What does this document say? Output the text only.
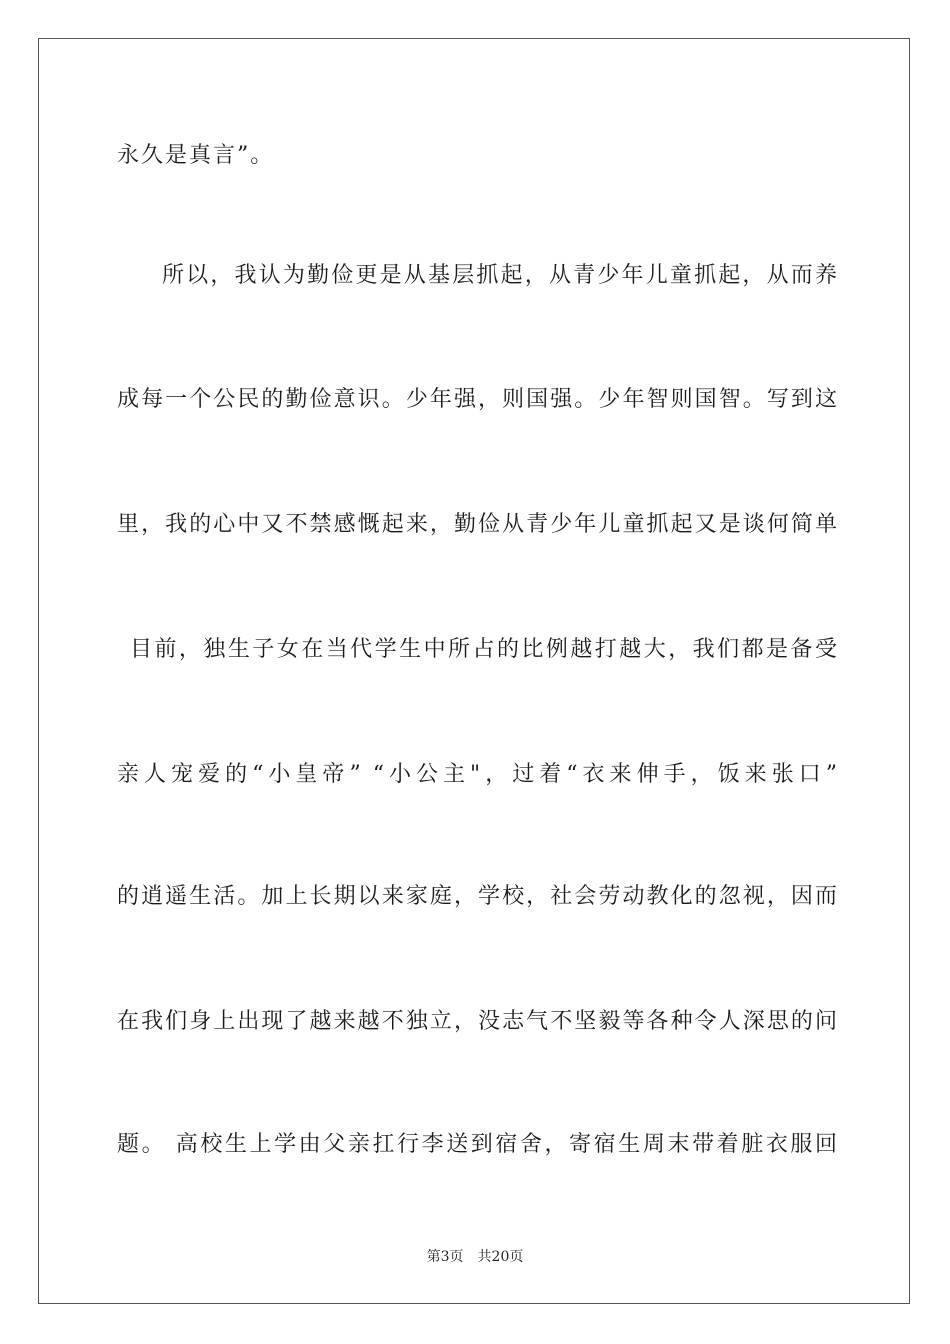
永久是真言”。
所以，我认为勤俭更是从基层抓起，从青少年儿童抓起，从而养
成每一个公民的勤俭意识。少年强，则国强。少年智则国智。写到这
里，我的心中又不禁感慨起来，勤俭从青少年儿童抓起又是谈何简单
目前，独生子女在当代学生中所占的比例越打越大，我们都是备受
亲人宠爱的“小皇帝” “小公主"，过着“衣来伸手，饭来张口”
的逍遥生活。加上长期以来家庭，学校，社会劳动教化的忽视，因而
在我们身上出现了越来越不独立，没志气不坚毅等各种令人深思的问
题。 高校生上学由父亲扛行李送到宿舍，寄宿生周末带着脏衣服回
第3页 共20页
